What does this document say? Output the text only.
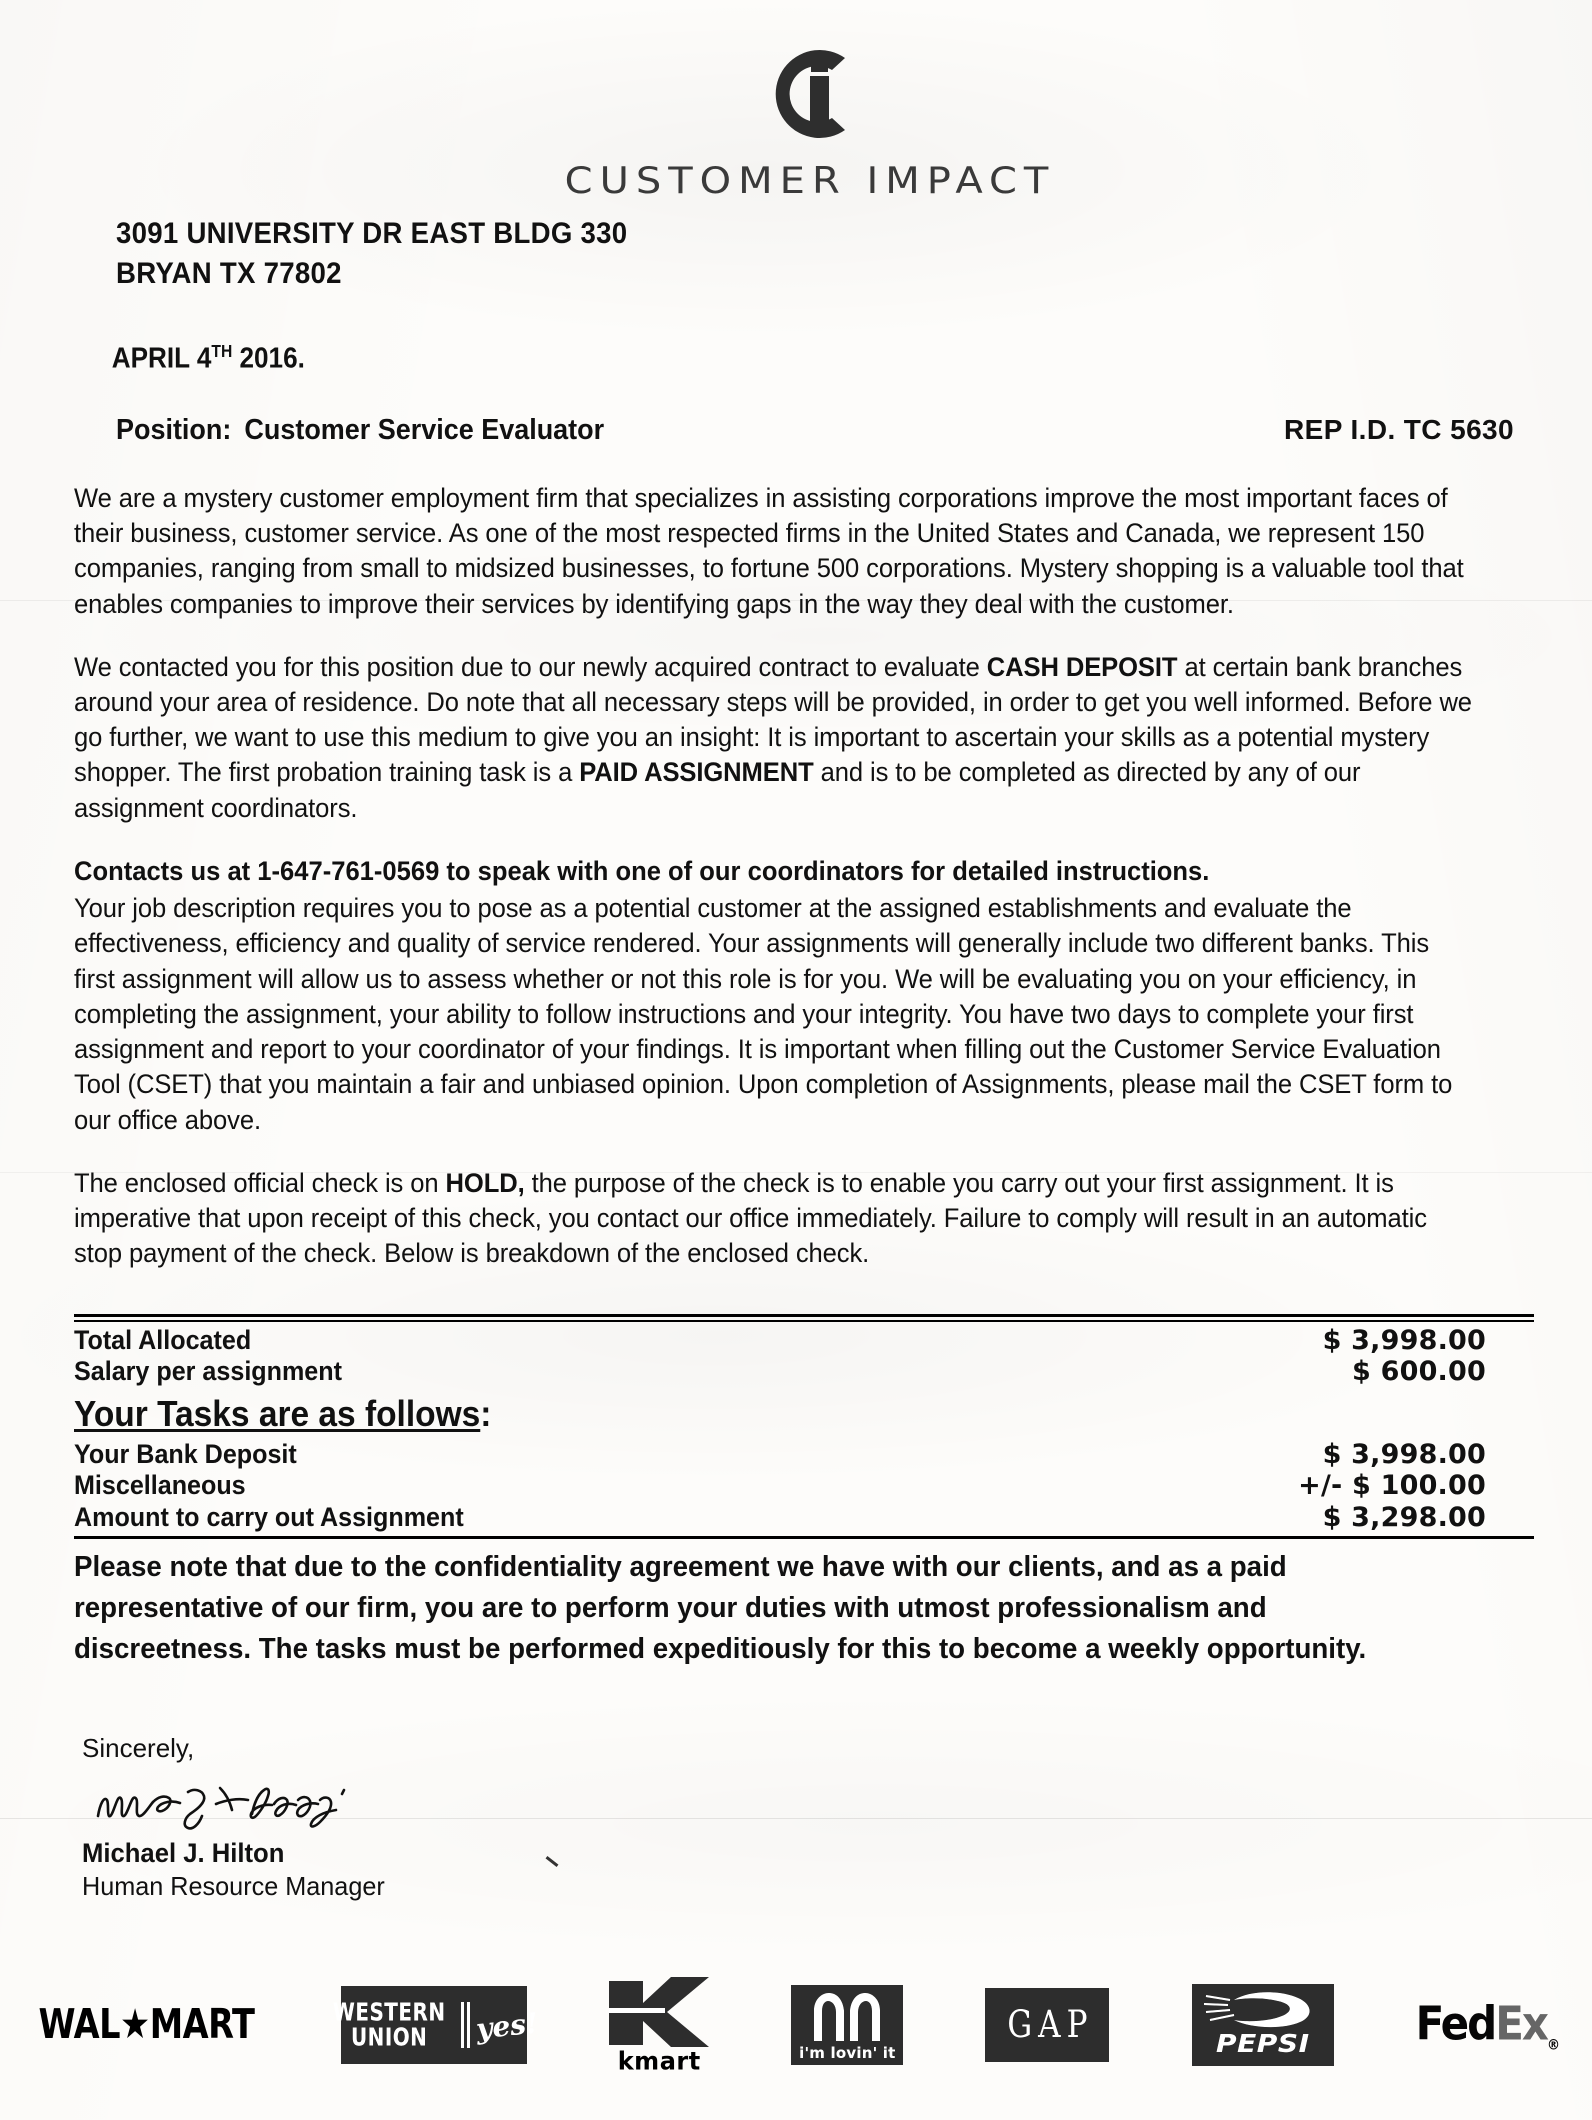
CUSTOMER IMPACT
3091 UNIVERSITY DR EAST BLDG 330
BRYAN TX 77802
APRIL 4TH 2016.
Position: Customer Service Evaluator	REP I.D. TC 5630

We are a mystery customer employment firm that specializes in assisting corporations improve the most important faces of their business, customer service. As one of the most respected firms in the United States and Canada, we represent 150 companies, ranging from small to midsized businesses, to fortune 500 corporations. Mystery shopping is a valuable tool that enables companies to improve their services by identifying gaps in the way they deal with the customer.

We contacted you for this position due to our newly acquired contract to evaluate CASH DEPOSIT at certain bank branches around your area of residence. Do note that all necessary steps will be provided, in order to get you well informed. Before we go further, we want to use this medium to give you an insight: It is important to ascertain your skills as a potential mystery shopper. The first probation training task is a PAID ASSIGNMENT and is to be completed as directed by any of our assignment coordinators.

Contacts us at 1-647-761-0569 to speak with one of our coordinators for detailed instructions.

Your job description requires you to pose as a potential customer at the assigned establishments and evaluate the effectiveness, efficiency and quality of service rendered. Your assignments will generally include two different banks. This first assignment will allow us to assess whether or not this role is for you. We will be evaluating you on your efficiency, in completing the assignment, your ability to follow instructions and your integrity. You have two days to complete your first assignment and report to your coordinator of your findings. It is important when filling out the Customer Service Evaluation Tool (CSET) that you maintain a fair and unbiased opinion. Upon completion of Assignments, please mail the CSET form to our office above.

The enclosed official check is on HOLD, the purpose of the check is to enable you carry out your first assignment. It is imperative that upon receipt of this check, you contact our office immediately. Failure to comply will result in an automatic stop payment of the check. Below is breakdown of the enclosed check.

Total Allocated	$ 3,998.00
Salary per assignment	$ 600.00
Your Tasks are as follows:
Your Bank Deposit	$ 3,998.00
Miscellaneous	+/- $ 100.00
Amount to carry out Assignment	$ 3,298.00
Please note that due to the confidentiality agreement we have with our clients, and as a paid representative of our firm, you are to perform your duties with utmost professionalism and discreetness. The tasks must be performed expeditiously for this to become a weekly opportunity.
Sincerely,
Michael J. Hilton
Human Resource Manager
WAL★MART	WESTERN
UNION	yes!
kmart	i'm lovin' it
GAP	PEPSI	FedEx$_®$
